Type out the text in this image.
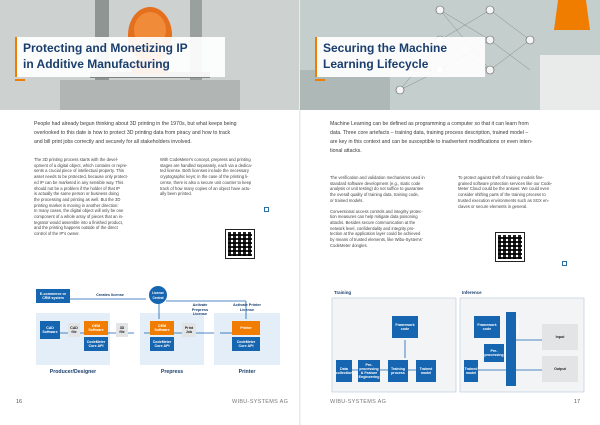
Protecting and Monetizing IP
in Additive Manufacturing
People had already begun thinking about 3D printing in the 1970s, but what keeps being
overlooked to this date is how to protect 3D printing data from piracy and how to track
and bill print jobs correctly and securely for all stakeholders involved.
The 3D printing process starts with the devel-
opment of a digital object, which contains or repre-
sents a crucial piece of intellectual property. This
asset needs to be protected, because only protect-
ed IP can be marketed in any sensible way. This
should not be a problem if the holder of that IP
is actually the same person or business doing
the processing and printing as well. But the 3D
printing market is moving in another direction:
In many cases, the digital object will only be one
component of a whole array of pieces that an in-
tegrator would assemble into a finished product,
and the printing happens outside of the direct
control of the IP's owner.
With CodeMeter's concept, prepress and printing
stages are handled separately, each via a dedica-
ted license. Both licenses include the necessary
cryptographic keys; in the case of the printing li-
cense, there is also a secure unit counter to keep
track of how many copies of an object have actu-
ally been printed.
E-commerce or CRM system
Creates license	License Central
Activate Prepress License
Activate Printer License
CAD Software
CAD file
OEM Software
CodeMeter Core API
3D file
OEM Software
CodeMeter Core API
Print Job
Printer
CodeMeter Core API
Producer/Designer	Prepress	Printer
16	WIBU-SYSTEMS AG
Securing the Machine
Learning Lifecycle
Machine Learning can be defined as programming a computer so that it can learn from
data. Three core artefacts – training data, training process description, trained model –
are key in this context and can be susceptible to inadvertent modifications or even inten-
tional attacks.
The verification and validation mechanisms used in
standard software development (e.g., static code
analysis or unit testing) do not suffice to guarantee
the overall quality of training data, training code,
or trained models.
Conventional access controls and integrity protec-
tion measures can help mitigate data poisoning
attacks. Besides secure communication at the
network level, confidentiality and integrity pro-
tection at the application layer could be achieved
by means of trusted elements, like Wibu-Systems'
CodeMeter dongles.
To protect against theft of training models fine-
grained software protection services like our Code-
Meter Cloud could be the answer. We could even
consider shifting parts of the training process to
trusted execution environments such as SGX en-
claves or secure elements in general.
Training	Inference
Framework code
Data collection
Pre-processing & Feature Engineering
Training process
Trained model
Framework code
Trained model
Pre-processing
ML Platform
Input
Output
17
WIBU-SYSTEMS AG
